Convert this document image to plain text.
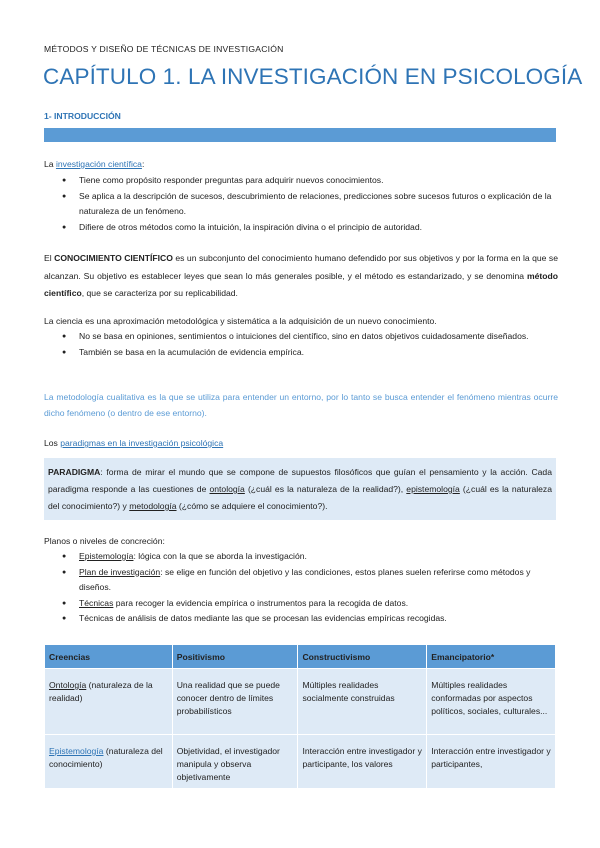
MÉTODOS Y DISEÑO DE TÉCNICAS DE INVESTIGACIÓN
CAPÍTULO 1. LA INVESTIGACIÓN EN PSICOLOGÍA
1- INTRODUCCIÓN
La investigación científica:
● Tiene como propósito responder preguntas para adquirir nuevos conocimientos.
● Se aplica a la descripción de sucesos, descubrimiento de relaciones, predicciones sobre sucesos futuros o explicación de la naturaleza de un fenómeno.
● Difiere de otros métodos como la intuición, la inspiración divina o el principio de autoridad.
El CONOCIMIENTO CIENTÍFICO es un subconjunto del conocimiento humano defendido por sus objetivos y por la forma en la que se alcanzan. Su objetivo es establecer leyes que sean lo más generales posible, y el método es estandarizado, y se denomina método científico, que se caracteriza por su replicabilidad.
La ciencia es una aproximación metodológica y sistemática a la adquisición de un nuevo conocimiento.
● No se basa en opiniones, sentimientos o intuiciones del científico, sino en datos objetivos cuidadosamente diseñados.
● También se basa en la acumulación de evidencia empírica.
La metodología cualitativa es la que se utiliza para entender un entorno, por lo tanto se busca entender el fenómeno mientras ocurre dicho fenómeno (o dentro de ese entorno).
Los paradigmas en la investigación psicológica
PARADIGMA: forma de mirar el mundo que se compone de supuestos filosóficos que guían el pensamiento y la acción. Cada paradigma responde a las cuestiones de ontología (¿cuál es la naturaleza de la realidad?), epistemología (¿cuál es la naturaleza del conocimiento?) y metodología (¿cómo se adquiere el conocimiento?).
Planos o niveles de concreción:
● Epistemología: lógica con la que se aborda la investigación.
● Plan de investigación: se elige en función del objetivo y las condiciones, estos planes suelen referirse como métodos y diseños.
● Técnicas para recoger la evidencia empírica o instrumentos para la recogida de datos.
● Técnicas de análisis de datos mediante las que se procesan las evidencias empíricas recogidas.
Creencias	Positivismo	Constructivismo	Emancipatorio*
Ontología (naturaleza de la realidad)	Una realidad que se puede conocer dentro de límites probabilísticos	Múltiples realidades socialmente construidas	Múltiples realidades conformadas por aspectos políticos, sociales, culturales...
Epistemología (naturaleza del conocimiento)	Objetividad, el investigador manipula y observa objetivamente	Interacción entre investigador y participante, los valores	Interacción entre investigador y participantes,
